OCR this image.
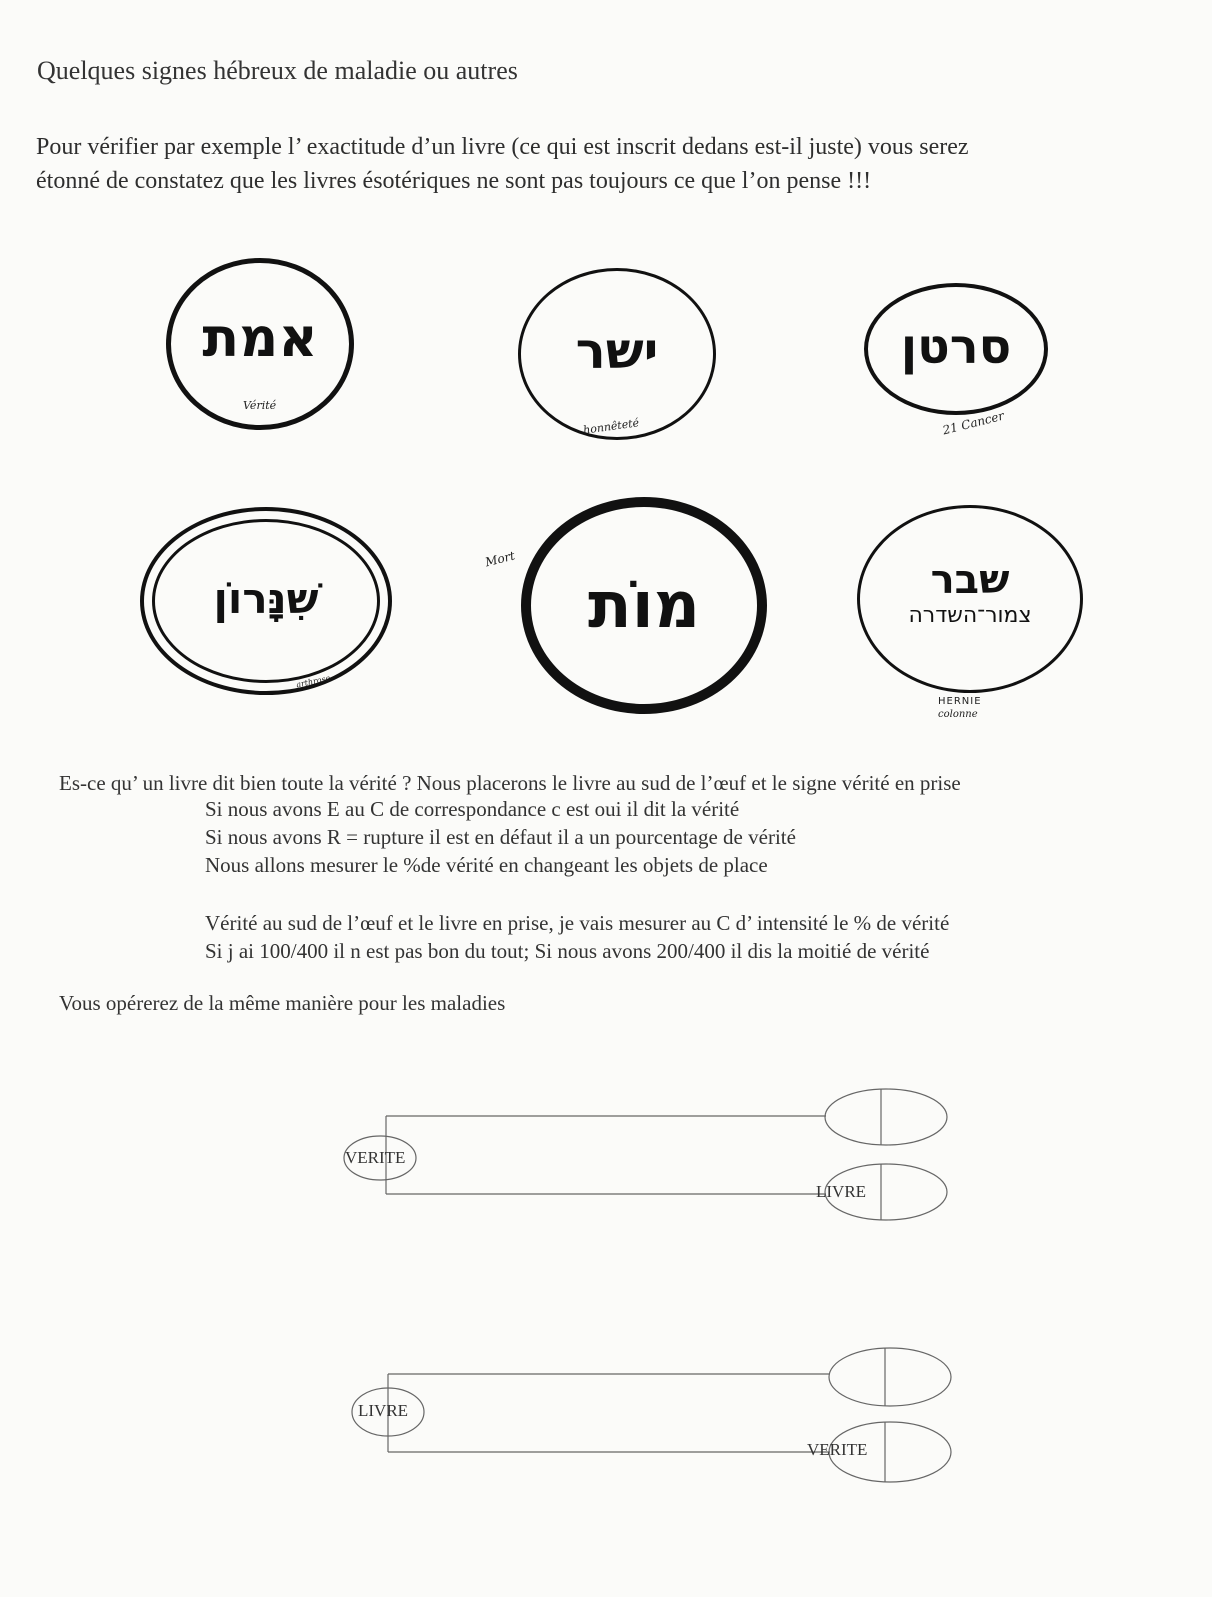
Quelques signes hébreux de maladie ou autres
Pour vérifier par exemple l’ exactitude d’un livre (ce qui est inscrit dedans est-il juste) vous serez
étonné de constatez que les livres ésotériques ne sont pas toujours ce que l’on pense !!!
אמת
Vérité
ישר
honnêteté
סרטן
21 Cancer
שִׁנָּרוֹן
arthrose
מוֹת
Mort	שבר
צמור־השדרה
HERNIE
colonne
Es-ce qu’ un livre dit bien toute la vérité ? Nous placerons le livre au sud de l’œuf et le signe vérité en prise
Si nous avons E au C de correspondance c est oui il dit la vérité
Si nous avons R = rupture il est en défaut il a un pourcentage de vérité
Nous allons mesurer le %de vérité en changeant les objets de place
Vérité au sud de l’œuf et le livre en prise, je vais mesurer au C d’ intensité le % de vérité
Si j ai 100/400 il n est pas bon du tout; Si nous avons 200/400 il dis la moitié de vérité
Vous opérerez de la même manière pour les maladies
VERITE
LIVRE
LIVRE
VERITE
